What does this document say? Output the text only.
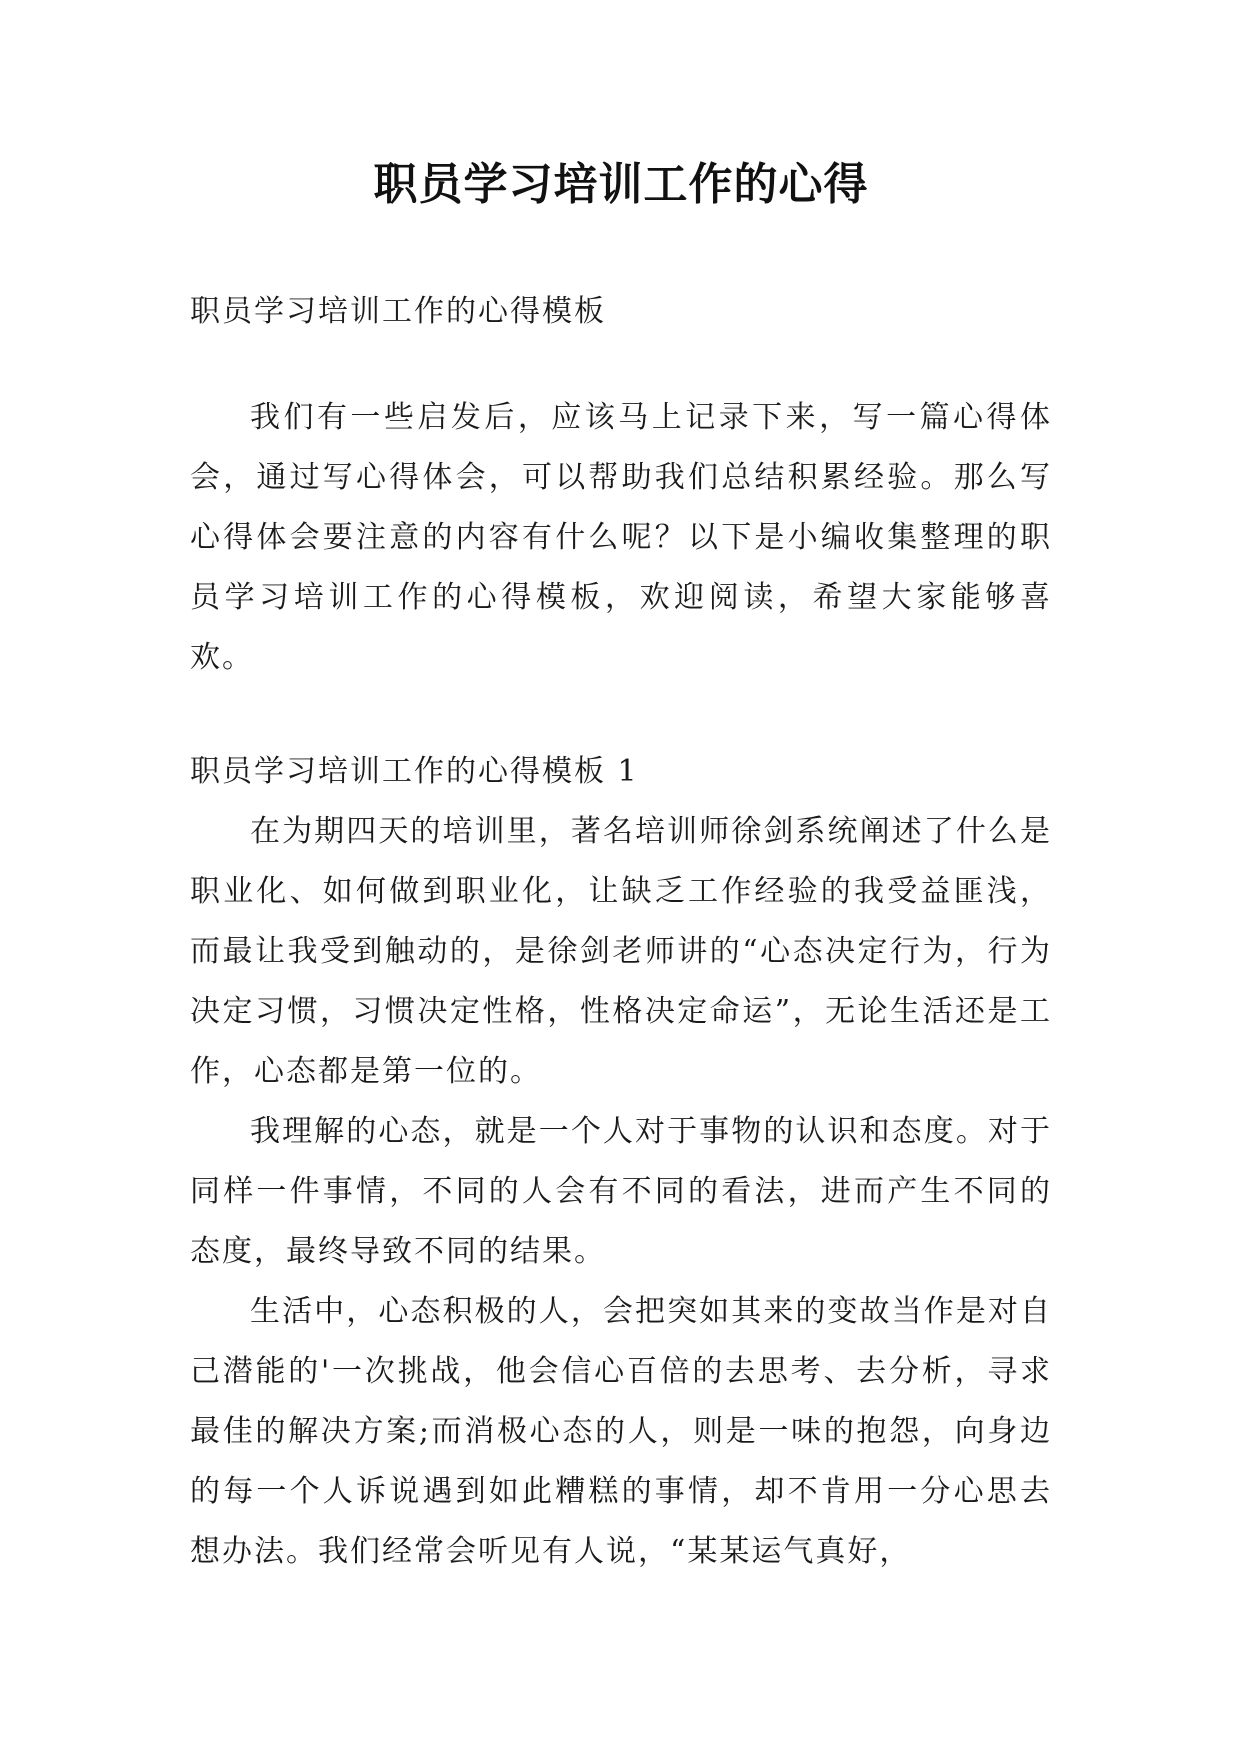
职员学习培训工作的心得

职员学习培训工作的心得模板

我们有一些启发后，应该马上记录下来，写一篇心得体会，通过写心得体会，可以帮助我们总结积累经验。那么写心得体会要注意的内容有什么呢？以下是小编收集整理的职员学习培训工作的心得模板，欢迎阅读，希望大家能够喜欢。

职员学习培训工作的心得模板 1

在为期四天的培训里，著名培训师徐剑系统阐述了什么是职业化、如何做到职业化，让缺乏工作经验的我受益匪浅，而最让我受到触动的，是徐剑老师讲的“心态决定行为，行为决定习惯，习惯决定性格，性格决定命运”，无论生活还是工作，心态都是第一位的。

我理解的心态，就是一个人对于事物的认识和态度。对于同样一件事情，不同的人会有不同的看法，进而产生不同的态度，最终导致不同的结果。

生活中，心态积极的人，会把突如其来的变故当作是对自己潜能的'一次挑战，他会信心百倍的去思考、去分析，寻求最佳的解决方案;而消极心态的人，则是一味的抱怨，向身边的每一个人诉说遇到如此糟糕的事情，却不肯用一分心思去想办法。我们经常会听见有人说，“某某运气真好，
